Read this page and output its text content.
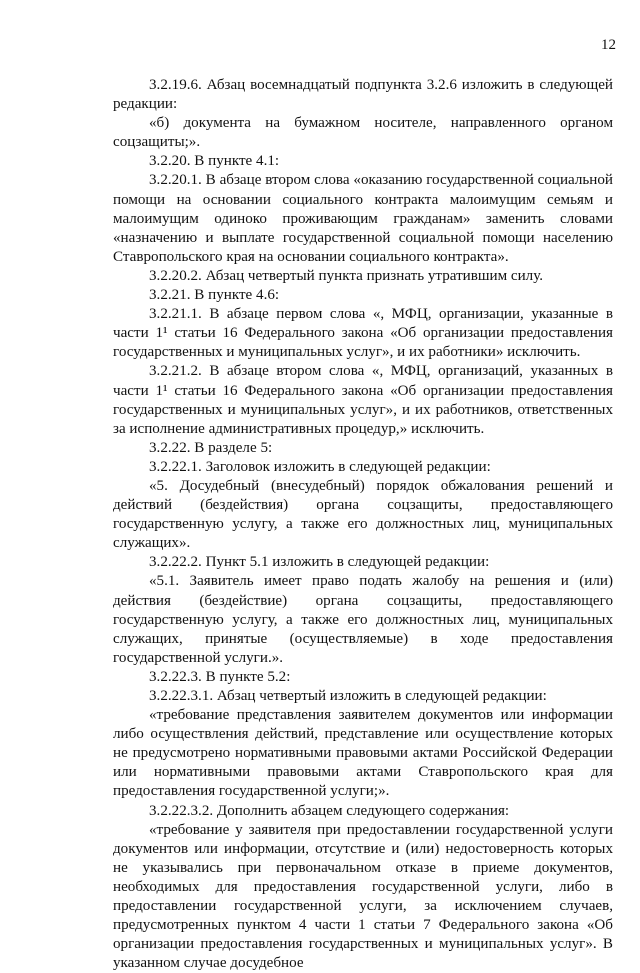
12

3.2.19.6. Абзац восемнадцатый подпункта 3.2.6 изложить в следующей редакции:

«б) документа на бумажном носителе, направленного органом соцзащиты;».

3.2.20. В пункте 4.1:

3.2.20.1. В абзаце втором слова «оказанию государственной социальной помощи на основании социального контракта малоимущим семьям и малоимущим одиноко проживающим гражданам» заменить словами «назначению и выплате государственной социальной помощи населению Ставропольского края на основании социального контракта».

3.2.20.2. Абзац четвертый пункта признать утратившим силу.

3.2.21. В пункте 4.6:

3.2.21.1. В абзаце первом слова «, МФЦ, организации, указанные в части 1¹ статьи 16 Федерального закона «Об организации предоставления государственных и муниципальных услуг», и их работники» исключить.

3.2.21.2. В абзаце втором слова «, МФЦ, организаций, указанных в части 1¹ статьи 16 Федерального закона «Об организации предоставления государственных и муниципальных услуг», и их работников, ответственных за исполнение административных процедур,» исключить.

3.2.22. В разделе 5:

3.2.22.1. Заголовок изложить в следующей редакции:

«5. Досудебный (внесудебный) порядок обжалования решений и действий (бездействия) органа соцзащиты, предоставляющего государственную услугу, а также его должностных лиц, муниципальных служащих».

3.2.22.2. Пункт 5.1 изложить в следующей редакции:

«5.1. Заявитель имеет право подать жалобу на решения и (или) действия (бездействие) органа соцзащиты, предоставляющего государственную услугу, а также его должностных лиц, муниципальных служащих, принятые (осуществляемые) в ходе предоставления государственной услуги.».

3.2.22.3. В пункте 5.2:

3.2.22.3.1. Абзац четвертый изложить в следующей редакции:

«требование представления заявителем документов или информации либо осуществления действий, представление или осуществление которых не предусмотрено нормативными правовыми актами Российской Федерации или нормативными правовыми актами Ставропольского края для предоставления государственной услуги;».

3.2.22.3.2. Дополнить абзацем следующего содержания:

«требование у заявителя при предоставлении государственной услуги документов или информации, отсутствие и (или) недостоверность которых не указывались при первоначальном отказе в приеме документов, необходимых для предоставления государственной услуги, либо в предоставлении государственной услуги, за исключением случаев, предусмотренных пунктом 4 части 1 статьи 7 Федерального закона «Об организации предоставления государственных и муниципальных услуг». В указанном случае досудебное
